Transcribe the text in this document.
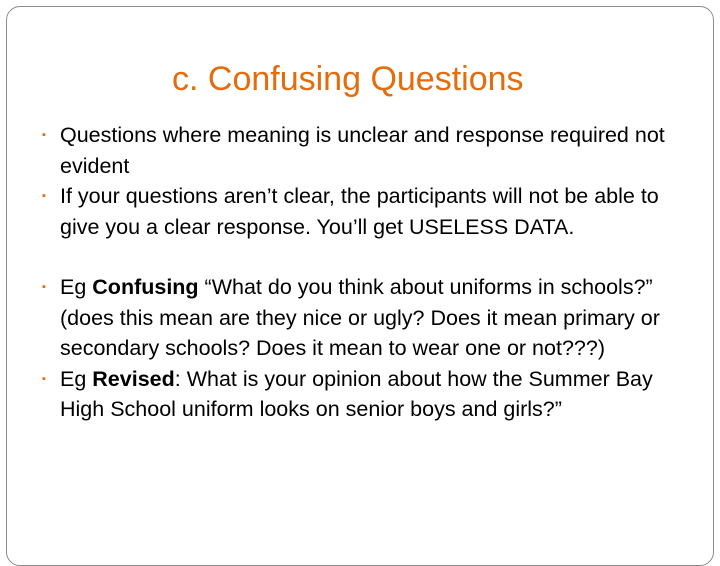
c. Confusing Questions
▪ Questions where meaning is unclear and response required not evident
▪ If your questions aren’t clear, the participants will not be able to give you a clear response. You’ll get USELESS DATA.
▪ Eg Confusing “What do you think about uniforms in schools?” (does this mean are they nice or ugly? Does it mean primary or secondary schools? Does it mean to wear one or not???)
▪ Eg Revised: What is your opinion about how the Summer Bay High School uniform looks on senior boys and girls?”
